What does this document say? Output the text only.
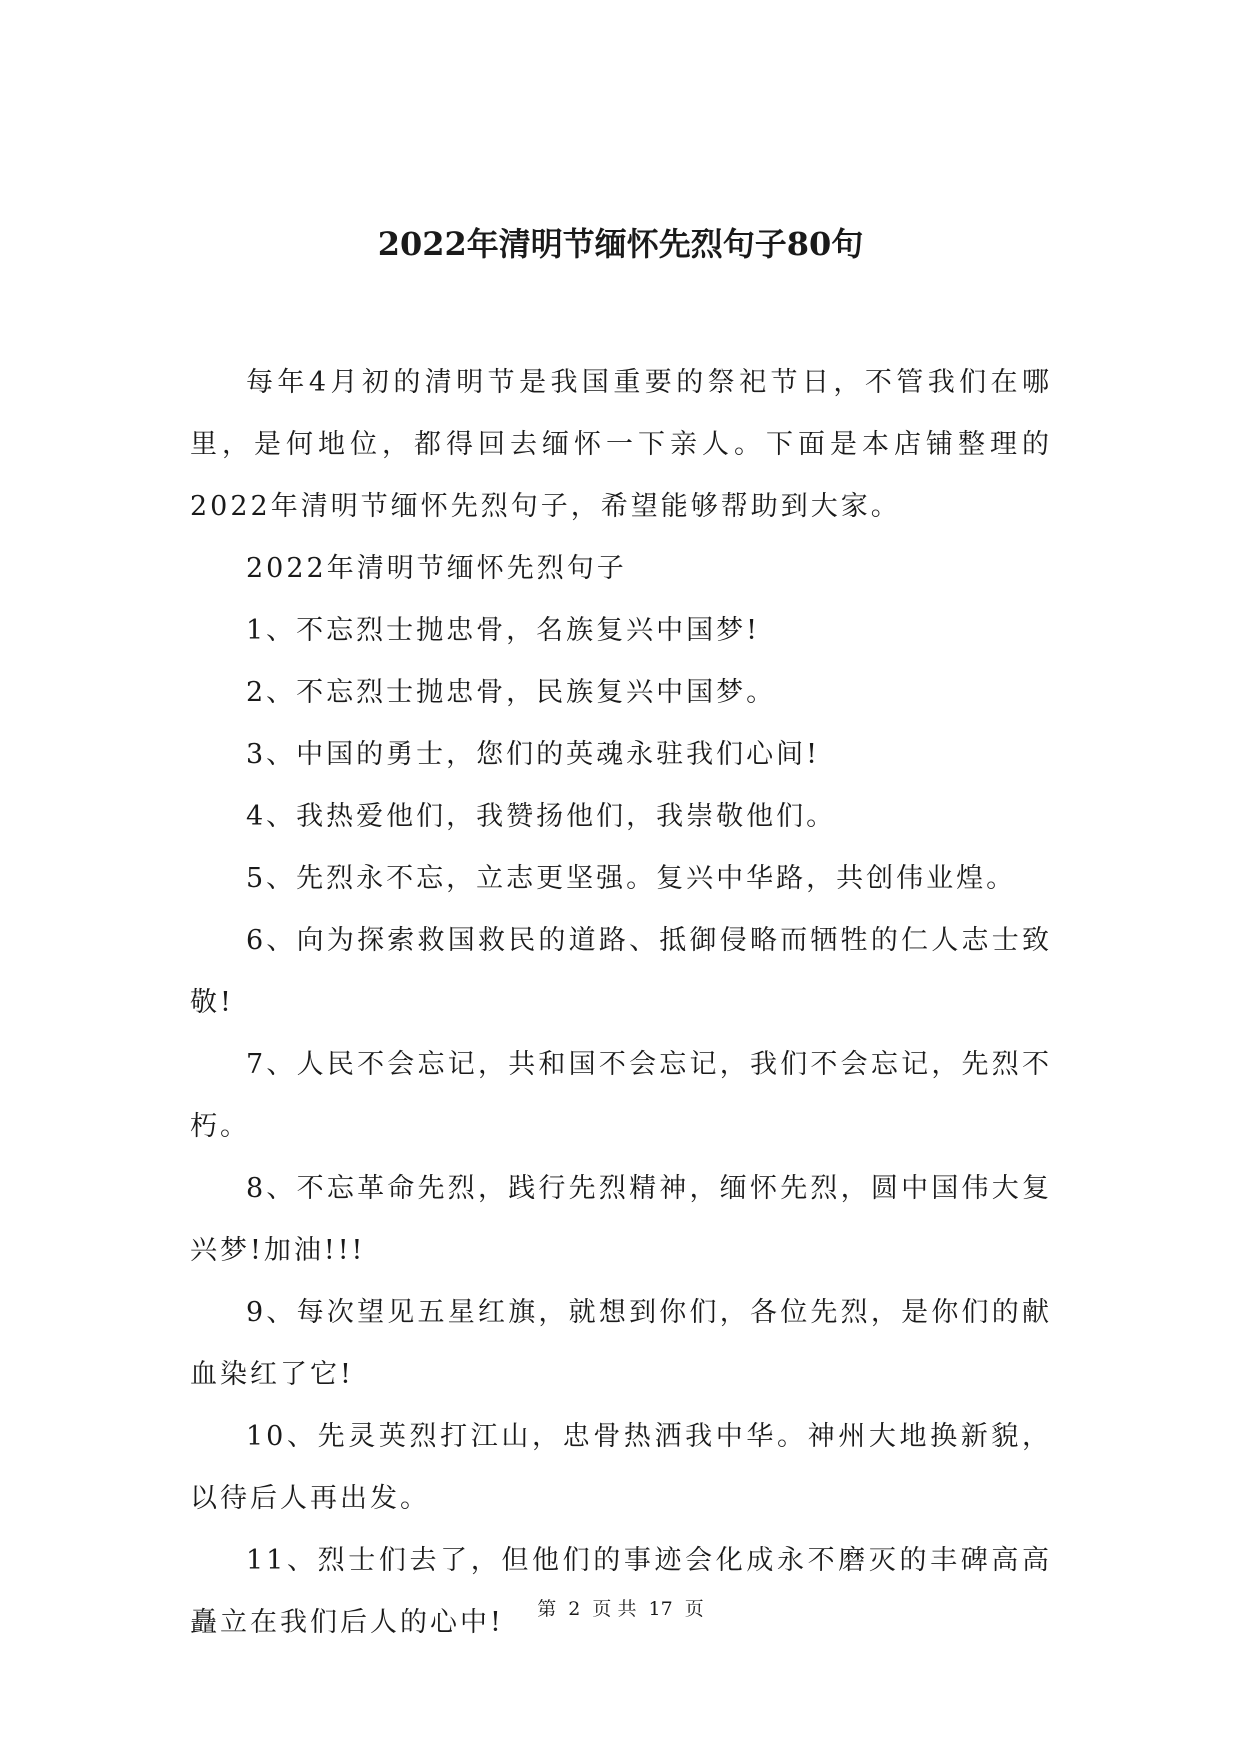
2022年清明节缅怀先烈句子80句

每年4月初的清明节是我国重要的祭祀节日，不管我们在哪里，是何地位，都得回去缅怀一下亲人。下面是本店铺整理的2022年清明节缅怀先烈句子，希望能够帮助到大家。

2022年清明节缅怀先烈句子

1、不忘烈士抛忠骨，名族复兴中国梦!

2、不忘烈士抛忠骨，民族复兴中国梦。

3、中国的勇士，您们的英魂永驻我们心间!

4、我热爱他们，我赞扬他们，我崇敬他们。

5、先烈永不忘，立志更坚强。复兴中华路，共创伟业煌。

6、向为探索救国救民的道路、抵御侵略而牺牲的仁人志士致敬!

7、人民不会忘记，共和国不会忘记，我们不会忘记，先烈不朽。

8、不忘革命先烈，践行先烈精神，缅怀先烈，圆中国伟大复兴梦!加油!!!

9、每次望见五星红旗，就想到你们，各位先烈，是你们的献血染红了它!

10、先灵英烈打江山，忠骨热洒我中华。神州大地换新貌，以待后人再出发。

11、烈士们去了，但他们的事迹会化成永不磨灭的丰碑高高矗立在我们后人的心中!	第 2 页 共 17 页
